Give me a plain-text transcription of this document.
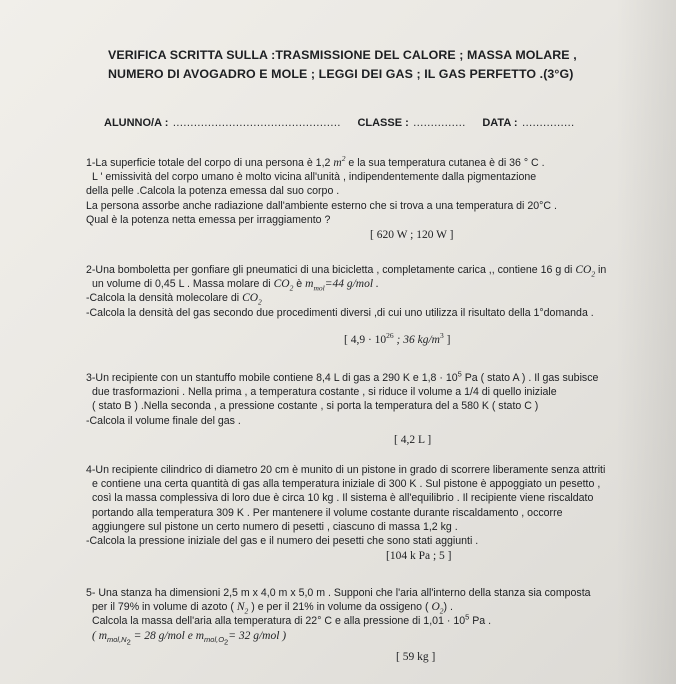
VERIFICA SCRITTA SULLA :TRASMISSIONE DEL CALORE ; MASSA MOLARE ,
NUMERO DI AVOGADRO E MOLE ; LEGGI DEI GAS ; IL GAS PERFETTO .(3°G)
ALUNNO/A : ………………………………………… CLASSE : …………… DATA : ……………
1-La superficie totale del corpo di una persona è 1,2 $m^2$ e la sua temperatura cutanea è di 36 ° C .
L ' emissività del corpo umano è molto vicina all'unità , indipendentemente dalla pigmentazione
della pelle .Calcola la potenza emessa dal suo corpo .
La persona assorbe anche radiazione dall'ambiente esterno che si trova a una temperatura di 20°C .
Qual è la potenza netta emessa per irraggiamento ?
[ 620 W ; 120 W ]
2-Una bomboletta per gonfiare gli pneumatici di una bicicletta , completamente carica ,, contiene 16 g di $CO_2$ in
un volume di 0,45 L . Massa molare di $CO_2$ è $m_{mol}=44$ g/mol .
-Calcola la densità molecolare di $CO_2$
-Calcola la densità del gas secondo due procedimenti diversi ,di cui uno utilizza il risultato della 1°domanda .
[ $4,9 \cdot 10^{26}$ ; 36 $kg/m^3$ ]
3-Un recipiente con un stantuffo mobile contiene 8,4 L di gas a 290 K e $1,8 \cdot 10^5$ Pa ( stato A ) . Il gas subisce
due trasformazioni . Nella prima , a temperatura costante , si riduce il volume a 1/4 di quello iniziale
( stato B ) .Nella seconda , a pressione costante , si porta la temperatura del a 580 K ( stato C )
-Calcola il volume finale del gas .
[ 4,2 L ]
4-Un recipiente cilindrico di diametro 20 cm è munito di un pistone in grado di scorrere liberamente senza attriti
e contiene una certa quantità di gas alla temperatura iniziale di 300 K . Sul pistone è appoggiato un pesetto ,
così la massa complessiva di loro due è circa 10 kg . Il sistema è all'equilibrio . Il recipiente viene riscaldato
portando alla temperatura 309 K . Per mantenere il volume costante durante riscaldamento , occorre
aggiungere sul pistone un certo numero di pesetti , ciascuno di massa 1,2 kg .
-Calcola la pressione iniziale del gas e il numero dei pesetti che sono stati aggiunti .
[104 k Pa ; 5 ]
5- Una stanza ha dimensioni 2,5 m x 4,0 m x 5,0 m . Supponi che l'aria all'interno della stanza sia composta
per il 79% in volume di azoto ( $N_2$ ) e per il 21% in volume da ossigeno ( $O_2$) .
Calcola la massa dell'aria alla temperatura di 22° C e alla pressione di $1,01 \cdot 10^5$ Pa .
( $m_{mol,N_2} = 28$ g/mol e $m_{mol,O_2}= 32$ g/mol )
[ 59 kg ]
